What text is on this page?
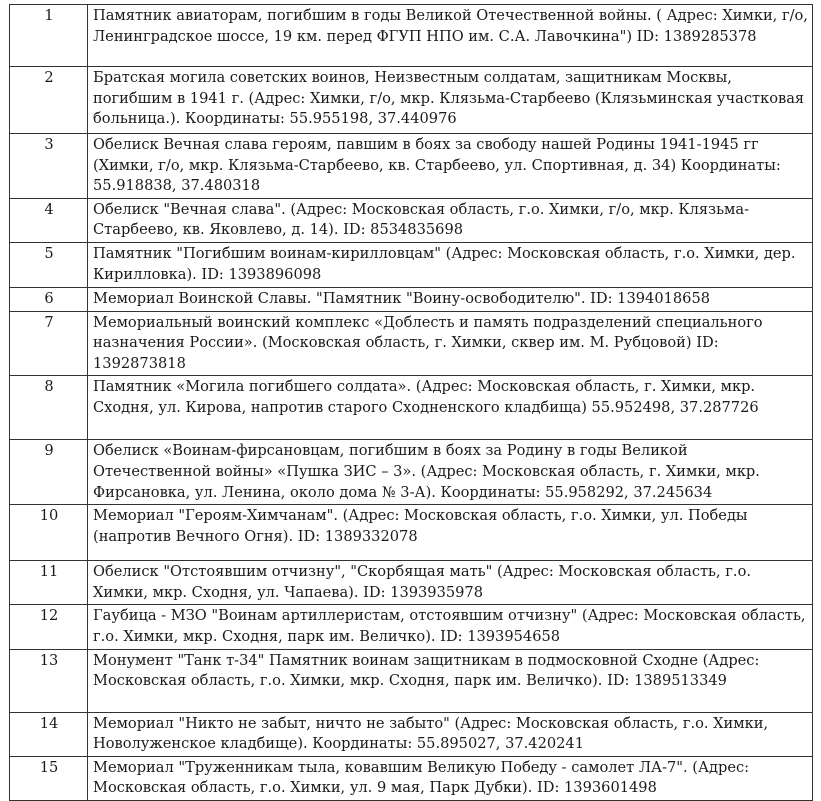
1	Памятник авиаторам, погибшим в годы Великой Отечественной войны. ( Адрес: Химки, г/о, Ленинградское шоссе, 19 км. перед ФГУП НПО им. С.А. Лавочкина") ID: 1389285378
2	Братская могила советских воинов, Неизвестным солдатам, защитникам Москвы, погибшим в 1941 г. (Адрес: Химки, г/о, мкр. Клязьма-Старбеево (Клязьминская участковая больница.). Координаты: 55.955198, 37.440976
3	Обелиск Вечная слава героям, павшим в боях за свободу нашей Родины 1941-1945 гг (Химки, г/о, мкр. Клязьма-Старбеево, кв. Старбеево, ул. Спортивная, д. 34) Координаты: 55.918838, 37.480318
4	Обелиск "Вечная слава". (Адрес: Московская область, г.о. Химки, г/о, мкр. Клязьма-Старбеево, кв. Яковлево, д. 14). ID: 8534835698
5	Памятник "Погибшим воинам-кирилловцам" (Адрес: Московская область, г.о. Химки, дер. Кирилловка). ID: 1393896098
6	Мемориал Воинской Славы. "Памятник "Воину-освободителю". ID: 1394018658
7	Мемориальный воинский комплекс «Доблесть и память подразделений специального назначения России». (Московская область, г. Химки, сквер им. М. Рубцовой) ID: 1392873818
8	Памятник «Могила погибшего солдата». (Адрес: Московская область, г. Химки, мкр. Сходня, ул. Кирова, напротив старого Сходненского кладбища) 55.952498, 37.287726
9	Обелиск «Воинам-фирсановцам, погибшим в боях за Родину в годы Великой Отечественной войны» «Пушка ЗИС – 3». (Адрес: Московская область, г. Химки, мкр. Фирсановка, ул. Ленина, около дома № 3-А). Координаты: 55.958292, 37.245634
10	Мемориал "Героям-Химчанам". (Адрес: Московская область, г.о. Химки, ул. Победы (напротив Вечного Огня). ID: 1389332078
11	Обелиск "Отстоявшим отчизну", "Скорбящая мать" (Адрес: Московская область, г.о. Химки, мкр. Сходня, ул. Чапаева). ID: 1393935978
12	Гаубица - МЗО "Воинам артиллеристам, отстоявшим отчизну" (Адрес: Московская область, г.о. Химки, мкр. Сходня, парк им. Величко). ID: 1393954658
13	Монумент "Танк т-34" Памятник воинам защитникам в подмосковной Сходне (Адрес: Московская область, г.о. Химки, мкр. Сходня, парк им. Величко). ID: 1389513349
14	Мемориал "Никто не забыт, ничто не забыто" (Адрес: Московская область, г.о. Химки, Новолуженское кладбище). Координаты: 55.895027, 37.420241
15	Мемориал "Труженникам тыла, ковавшим Великую Победу - самолет ЛА-7". (Адрес: Московская область, г.о. Химки, ул. 9 мая, Парк Дубки). ID: 1393601498
